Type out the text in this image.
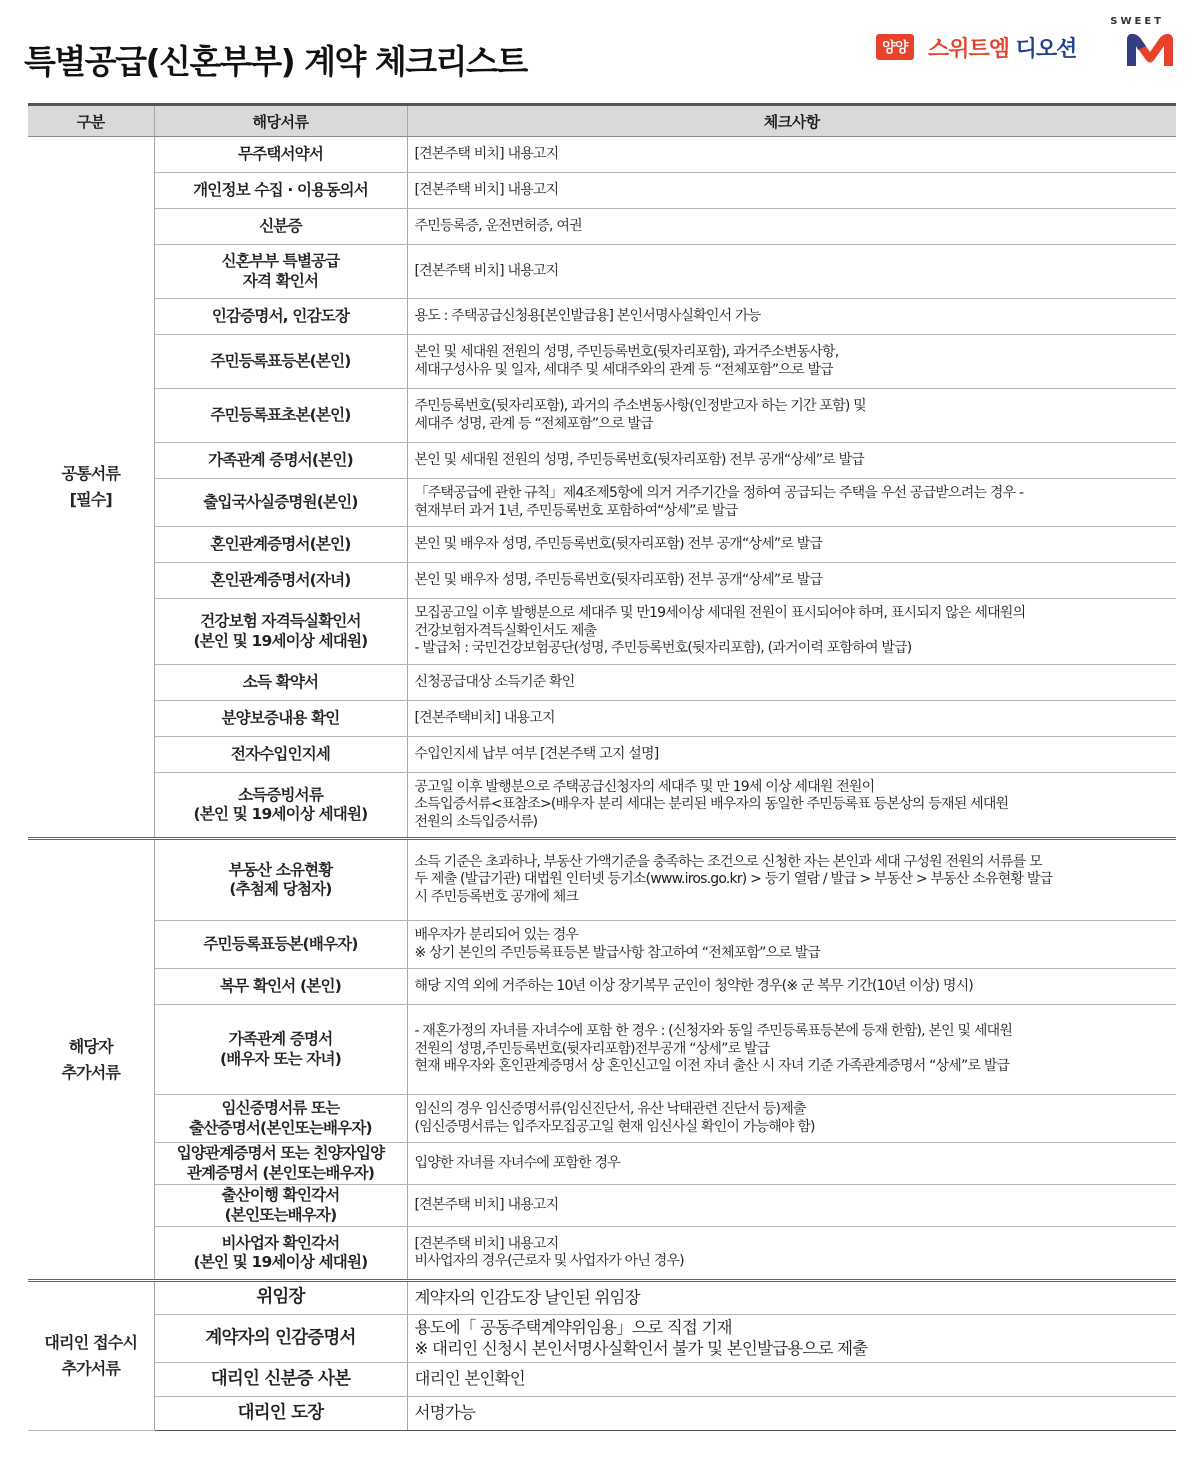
특별공급(신혼부부) 계약 체크리스트
SWEET
양양 스위트엠 디오션
구분	해당서류	체크사항
공통서류
[필수]	무주택서약서	[견본주택 비치] 내용고지
	개인정보 수집 · 이용동의서	[견본주택 비치] 내용고지
	신분증	주민등록증, 운전면허증, 여권
	신혼부부 특별공급
자격 확인서	[견본주택 비치] 내용고지
	인감증명서, 인감도장	용도 : 주택공급신청용[본인발급용] 본인서명사실확인서 가능
	주민등록표등본(본인)	본인 및 세대원 전원의 성명, 주민등록번호(뒷자리포함), 과거주소변동사항,
세대구성사유 및 일자, 세대주 및 세대주와의 관계 등 “전체포함”으로 발급
	주민등록표초본(본인)	주민등록번호(뒷자리포함), 과거의 주소변동사항(인정받고자 하는 기간 포함) 및
세대주 성명, 관계 등 “전체포함”으로 발급
	가족관계 증명서(본인)	본인 및 세대원 전원의 성명, 주민등록번호(뒷자리포함) 전부 공개“상세”로 발급
	출입국사실증명원(본인)	「주택공급에 관한 규칙」제4조제5항에 의거 거주기간을 정하여 공급되는 주택을 우선 공급받으려는 경우 -
현재부터 과거 1년, 주민등록번호 포함하여“상세”로 발급
	혼인관계증명서(본인)	본인 및 배우자 성명, 주민등록번호(뒷자리포함) 전부 공개“상세”로 발급
	혼인관계증명서(자녀)	본인 및 배우자 성명, 주민등록번호(뒷자리포함) 전부 공개“상세”로 발급
	건강보험 자격득실확인서
(본인 및 19세이상 세대원)	모집공고일 이후 발행분으로 세대주 및 만19세이상 세대원 전원이 표시되어야 하며, 표시되지 않은 세대원의
건강보험자격득실확인서도 제출
- 발급처 : 국민건강보험공단(성명, 주민등록번호(뒷자리포함), (과거이력 포함하여 발급)
	소득 확약서	신청공급대상 소득기준 확인
	분양보증내용 확인	[견본주택비치] 내용고지
	전자수입인지세	수입인지세 납부 여부 [견본주택 고지 설명]
	소득증빙서류
(본인 및 19세이상 세대원)	공고일 이후 발행분으로 주택공급신청자의 세대주 및 만 19세 이상 세대원 전원이
소득입증서류<표참조>(배우자 분리 세대는 분리된 배우자의 동일한 주민등록표 등본상의 등재된 세대원
전원의 소득입증서류)
해당자
추가서류	부동산 소유현황
(추첨제 당첨자)	소득 기준은 초과하나, 부동산 가액기준을 충족하는 조건으로 신청한 자는 본인과 세대 구성원 전원의 서류를 모
두 제출 (발급기관) 대법원 인터넷 등기소(www.iros.go.kr) > 등기 열람 / 발급 > 부동산 > 부동산 소유현황 발급
시 주민등록번호 공개에 체크
	주민등록표등본(배우자)	배우자가 분리되어 있는 경우
※ 상기 본인의 주민등록표등본 발급사항 참고하여 “전체포함”으로 발급
	복무 확인서 (본인)	해당 지역 외에 거주하는 10년 이상 장기복무 군인이 청약한 경우(※ 군 복무 기간(10년 이상) 명시)
	가족관계 증명서
(배우자 또는 자녀)	- 재혼가정의 자녀를 자녀수에 포함 한 경우 : (신청자와 동일 주민등록표등본에 등재 한함), 본인 및 세대원
전원의 성명,주민등록번호(뒷자리포함)전부공개 “상세”로 발급
현재 배우자와 혼인관계증명서 상 혼인신고일 이전 자녀 출산 시 자녀 기준 가족관계증명서 “상세”로 발급
	임신증명서류 또는
출산증명서(본인또는배우자)	임신의 경우 임신증명서류(임신진단서, 유산 낙태관련 진단서 등)제출
(임신증명서류는 입주자모집공고일 현재 임신사실 확인이 가능해야 함)
	입양관계증명서 또는 친양자입양
관계증명서 (본인또는배우자)	입양한 자녀를 자녀수에 포함한 경우
	출산이행 확인각서
(본인또는배우자)	[견본주택 비치] 내용고지
	비사업자 확인각서
(본인 및 19세이상 세대원)	[견본주택 비치] 내용고지
비사업자의 경우(근로자 및 사업자가 아닌 경우)
대리인 접수시
추가서류	위임장	계약자의 인감도장 날인된 위임장
	계약자의 인감증명서	용도에「 공동주택계약위임용」으로 직접 기재
※ 대리인 신청시 본인서명사실확인서 불가 및 본인발급용으로 제출
	대리인 신분증 사본	대리인 본인확인
	대리인 도장	서명가능
